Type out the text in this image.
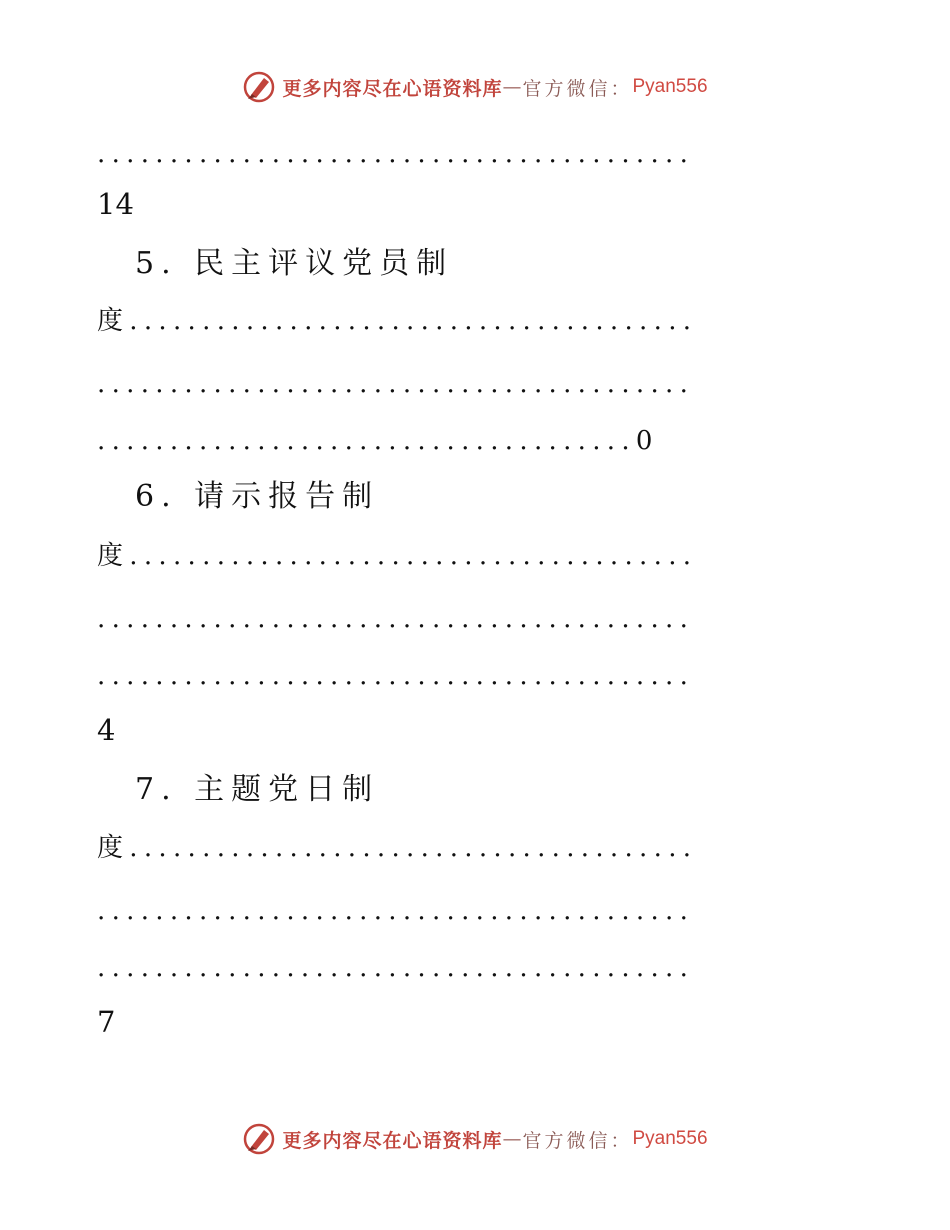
更多内容尽在心语资料库 — 官方微信： Pyan556
.........................................
14
5. 民主评议党员制
度.......................................
.........................................
.....................................0
6. 请示报告制
度.......................................
.........................................
.........................................
4
7. 主题党日制
度.......................................
.........................................
.........................................
7
更多内容尽在心语资料库 — 官方微信： Pyan556
